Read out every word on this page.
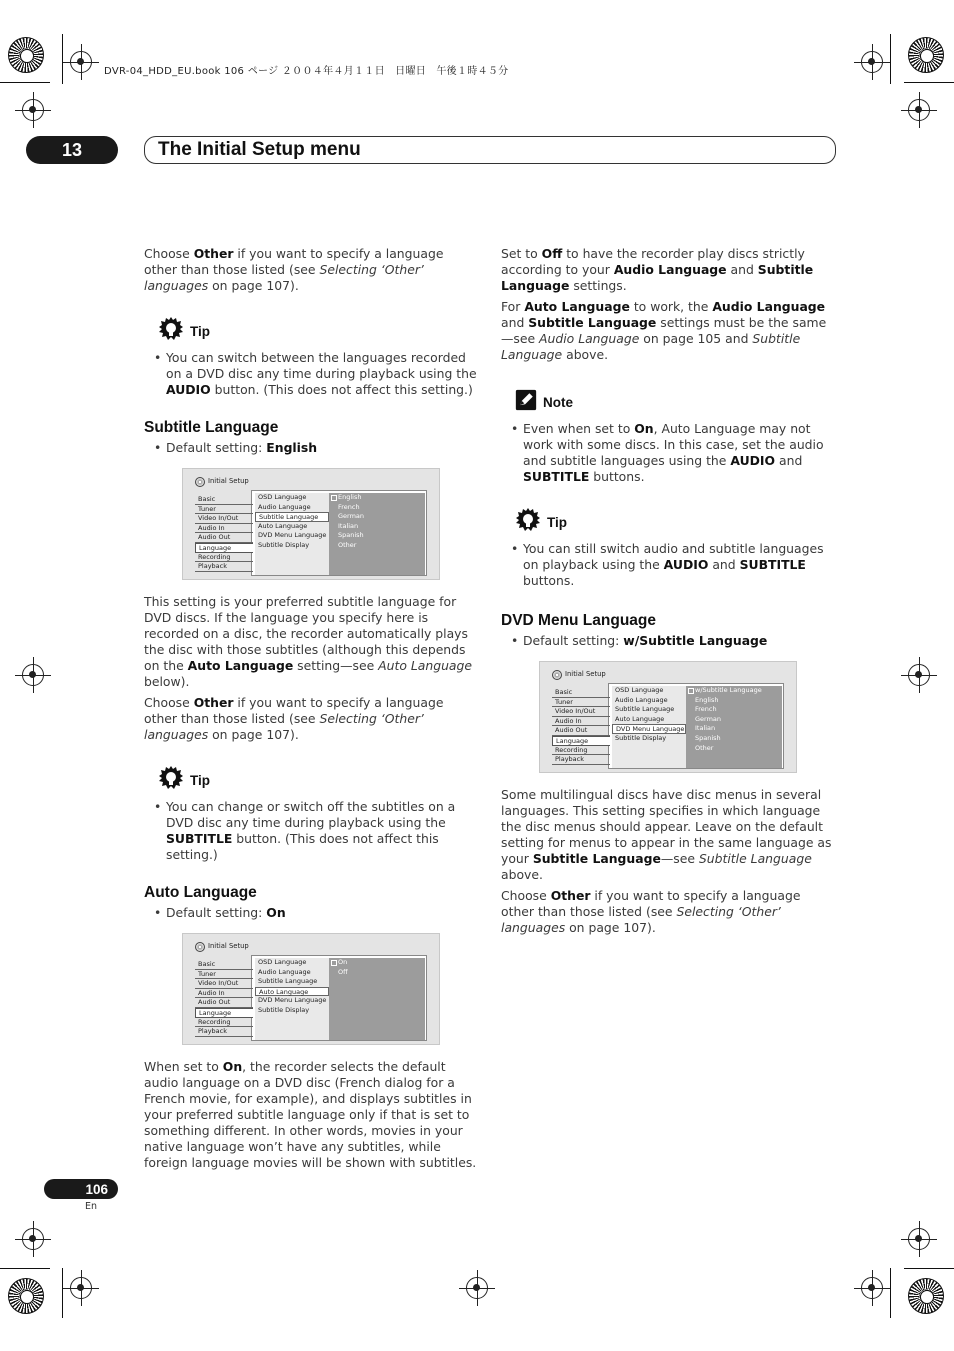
DVR-04_HDD_EU.book 106 ページ ２００４年４月１１日　日曜日　午後１時４５分
13	The Initial Setup menu

Choose Other if you want to specify a language other than those listed (see Selecting ‘Other’ languages on page 107).

Tip

• You can switch between the languages recorded on a DVD disc any time during playback using the AUDIO button. (This does not affect this setting.)

Subtitle Language

• Default setting: English

Initial Setup
Basic
Tuner
Video In/Out
Audio In
Audio Out
Language
Recording
Playback
OSD Language
Audio Language
Subtitle Language
Auto Language
DVD Menu Language
Subtitle Display
English
French
German
Italian
Spanish
Other

This setting is your preferred subtitle language for DVD discs. If the language you specify here is recorded on a disc, the recorder automatically plays the disc with those subtitles (although this depends on the Auto Language setting—see Auto Language below).

Choose Other if you want to specify a language other than those listed (see Selecting ‘Other’ languages on page 107).

Tip

• You can change or switch off the subtitles on a DVD disc any time during playback using the SUBTITLE button. (This does not affect this setting.)

Auto Language

• Default setting: On

Initial Setup
Basic
Tuner
Video In/Out
Audio In
Audio Out
Language
Recording
Playback
OSD Language
Audio Language
Subtitle Language
Auto Language
DVD Menu Language
Subtitle Display
On
Off

When set to On, the recorder selects the default audio language on a DVD disc (French dialog for a French movie, for example), and displays subtitles in your preferred subtitle language only if that is set to something different. In other words, movies in your native language won’t have any subtitles, while foreign language movies will be shown with subtitles.

Set to Off to have the recorder play discs strictly according to your Audio Language and Subtitle Language settings.

For Auto Language to work, the Audio Language and Subtitle Language settings must be the same—see Audio Language on page 105 and Subtitle Language above.

Note

• Even when set to On, Auto Language may not work with some discs. In this case, set the audio and subtitle languages using the AUDIO and SUBTITLE buttons.

Tip

• You can still switch audio and subtitle languages on playback using the AUDIO and SUBTITLE buttons.

DVD Menu Language

• Default setting: w/Subtitle Language

Initial Setup
Basic
Tuner
Video In/Out
Audio In
Audio Out
Language
Recording
Playback
OSD Language
Audio Language
Subtitle Language
Auto Language
DVD Menu Language
Subtitle Display
w/Subtitle Language
English
French
German
Italian
Spanish
Other

Some multilingual discs have disc menus in several languages. This setting specifies in which language the disc menus should appear. Leave on the default setting for menus to appear in the same language as your Subtitle Language—see Subtitle Language above.

Choose Other if you want to specify a language other than those listed (see Selecting ‘Other’ languages on page 107).

106
En
